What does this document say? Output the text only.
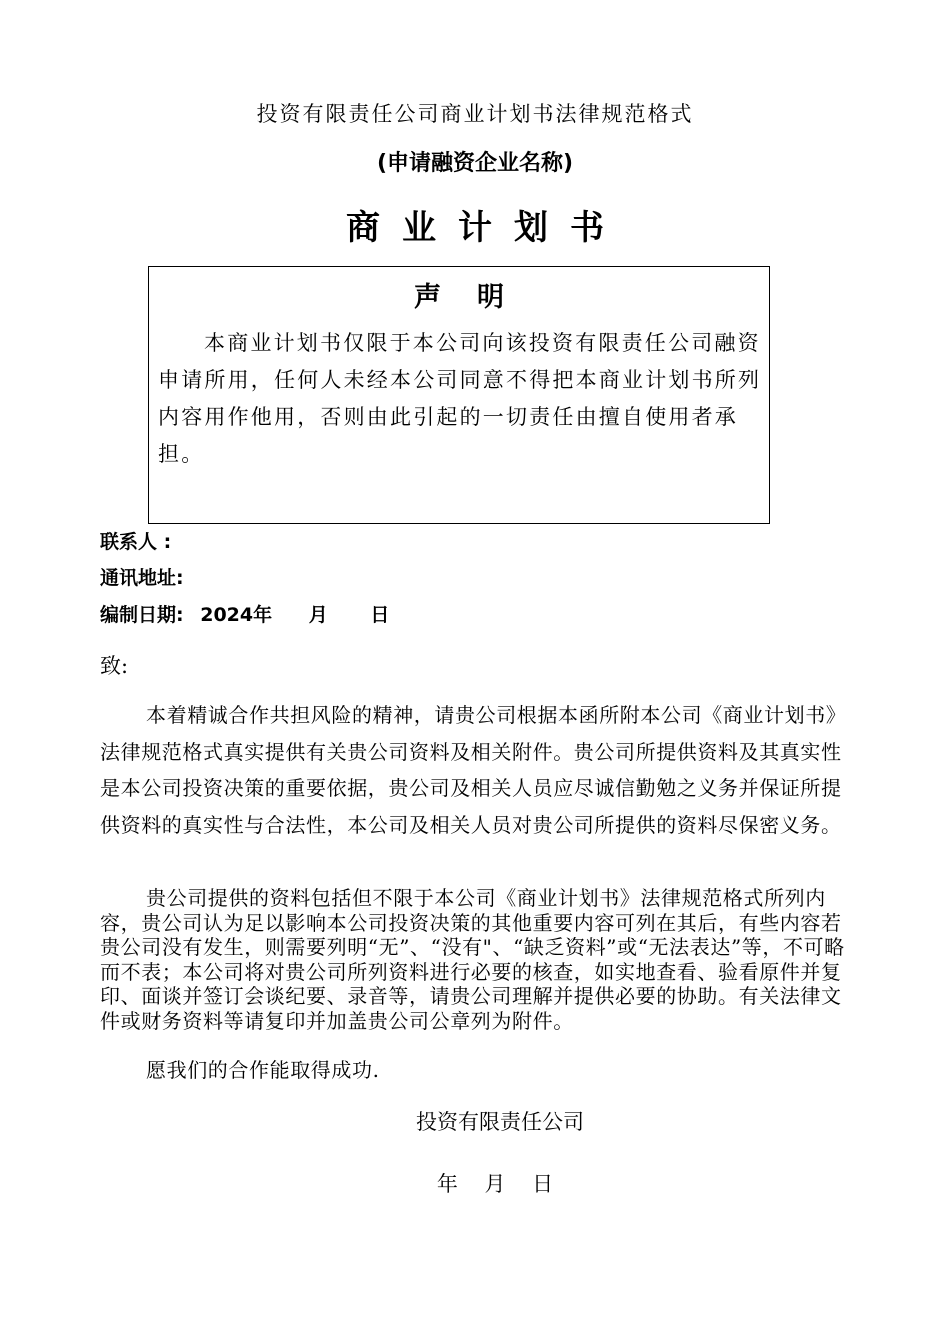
投资有限责任公司商业计划书法律规范格式
(申请融资企业名称)
商业计划书
声明
本商业计划书仅限于本公司向该投资有限责任公司融资申请所用，任何人未经本公司同意不得把本商业计划书所列内容用作他用，否则由此引起的一切责任由擅自使用者承担。
联系人 :
通讯地址:
编制日期: 2024年 月 日
致:
本着精诚合作共担风险的精神，请贵公司根据本函所附本公司《商业计划书》法律规范格式真实提供有关贵公司资料及相关附件。贵公司所提供资料及其真实性是本公司投资决策的重要依据，贵公司及相关人员应尽诚信勤勉之义务并保证所提供资料的真实性与合法性，本公司及相关人员对贵公司所提供的资料尽保密义务。
贵公司提供的资料包括但不限于本公司《商业计划书》法律规范格式所列内容，贵公司认为足以影响本公司投资决策的其他重要内容可列在其后，有些内容若贵公司没有发生，则需要列明“无”、“没有"、“缺乏资料”或“无法表达”等，不可略而不表；本公司将对贵公司所列资料进行必要的核查，如实地查看、验看原件并复印、面谈并签订会谈纪要、录音等，请贵公司理解并提供必要的协助。有关法律文件或财务资料等请复印并加盖贵公司公章列为附件。
愿我们的合作能取得成功.
投资有限责任公司
年 月 日
